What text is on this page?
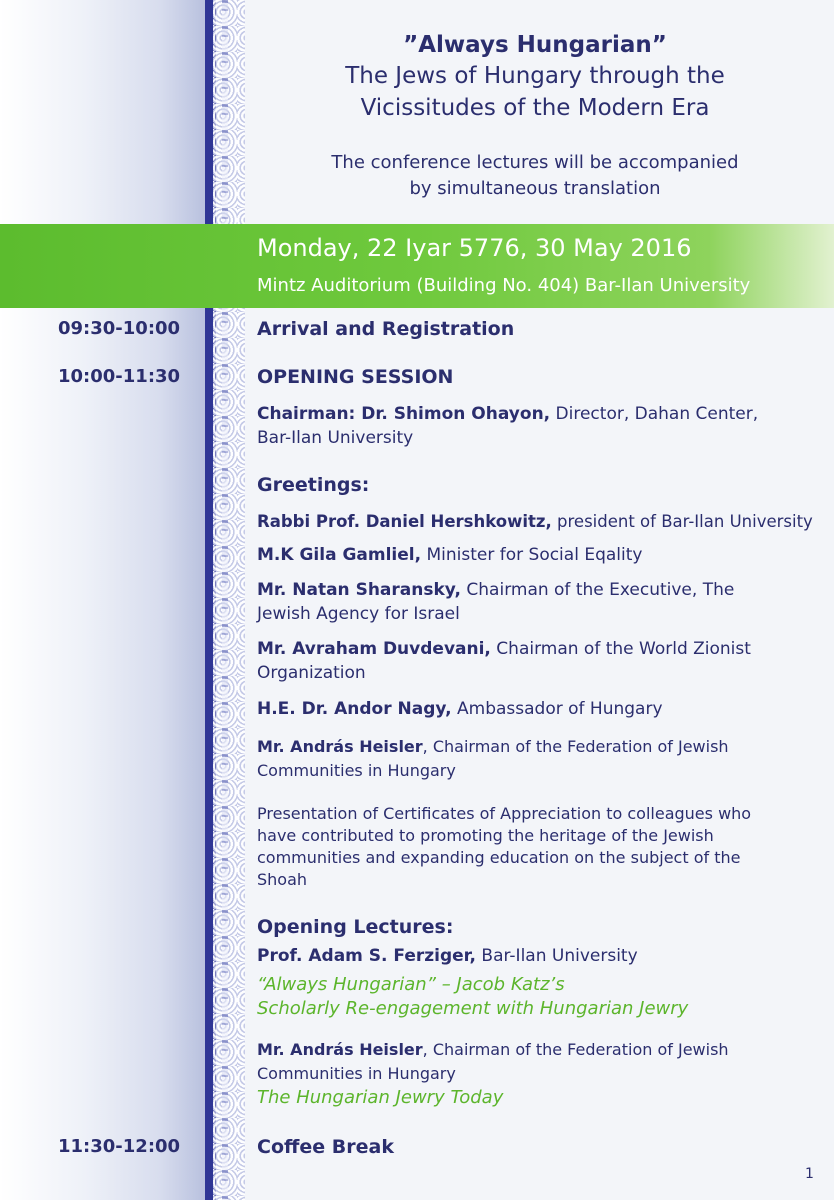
”Always Hungarian”
The Jews of Hungary through the
Vicissitudes of the Modern Era
The conference lectures will be accompanied
by simultaneous translation
Monday, 22 Iyar 5776, 30 May 2016
Mintz Auditorium (Building No. 404) Bar-Ilan University
09:30-10:00	Arrival and Registration
10:00-11:30	OPENING SESSION
Chairman: Dr. Shimon Ohayon, Director, Dahan Center,
Bar-Ilan University
Greetings:
Rabbi Prof. Daniel Hershkowitz, president of Bar-Ilan University
M.K Gila Gamliel, Minister for Social Eqality
Mr. Natan Sharansky, Chairman of the Executive, The
Jewish Agency for Israel
Mr. Avraham Duvdevani, Chairman of the World Zionist
Organization
H.E. Dr. Andor Nagy, Ambassador of Hungary
Mr. András Heisler, Chairman of the Federation of Jewish
Communities in Hungary
Presentation of Certificates of Appreciation to colleagues who
have contributed to promoting the heritage of the Jewish
communities and expanding education on the subject of the
Shoah
Opening Lectures:
Prof. Adam S. Ferziger, Bar-Ilan University
“Always Hungarian” – Jacob Katz’s
Scholarly Re-engagement with Hungarian Jewry
Mr. András Heisler, Chairman of the Federation of Jewish
Communities in Hungary
The Hungarian Jewry Today
11:30-12:00	Coffee Break
1
